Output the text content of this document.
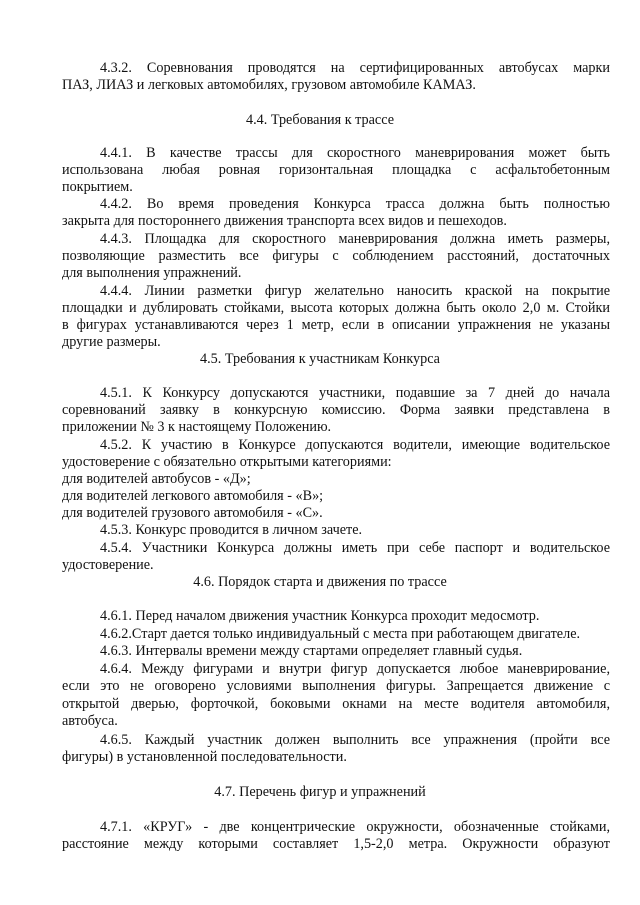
4.3.2. Соревнования проводятся на сертифицированных автобусах марки
ПАЗ, ЛИАЗ и легковых автомобилях, грузовом автомобиле КАМАЗ.
4.4. Требования к трассе
4.4.1. В качестве трассы для скоростного маневрирования может быть
использована любая ровная горизонтальная площадка с асфальтобетонным
покрытием.
4.4.2. Во время проведения Конкурса трасса должна быть полностью
закрыта для постороннего движения транспорта всех видов и пешеходов.
4.4.3. Площадка для скоростного маневрирования должна иметь размеры,
позволяющие разместить все фигуры с соблюдением расстояний, достаточных
для выполнения упражнений.
4.4.4. Линии разметки фигур желательно наносить краской на покрытие
площадки и дублировать стойками, высота которых должна быть около 2,0 м. Стойки
в фигурах устанавливаются через 1 метр, если в описании упражнения не указаны
другие размеры.
4.5. Требования к участникам Конкурса
4.5.1. К Конкурсу допускаются участники, подавшие за 7 дней до начала
соревнований заявку в конкурсную комиссию. Форма заявки представлена в
приложении № 3 к настоящему Положению.
4.5.2. К участию в Конкурсе допускаются водители, имеющие водительское
удостоверение с обязательно открытыми категориями:
для водителей автобусов - «Д»;
для водителей легкового автомобиля - «В»;
для водителей грузового автомобиля - «С».
4.5.3. Конкурс проводится в личном зачете.
4.5.4. Участники Конкурса должны иметь при себе паспорт и водительское
удостоверение.
4.6. Порядок старта и движения по трассе
4.6.1. Перед началом движения участник Конкурса проходит медосмотр.
4.6.2.Старт дается только индивидуальный с места при работающем двигателе.
4.6.3. Интервалы времени между стартами определяет главный судья.
4.6.4. Между фигурами и внутри фигур допускается любое маневрирование,
если это не оговорено условиями выполнения фигуры. Запрещается движение с
открытой дверью, форточкой, боковыми окнами на месте водителя автомобиля,
автобуса.
4.6.5. Каждый участник должен выполнить все упражнения (пройти все
фигуры) в установленной последовательности.
4.7. Перечень фигур и упражнений
4.7.1. «КРУГ» - две концентрические окружности, обозначенные стойками,
расстояние между которыми составляет 1,5-2,0 метра. Окружности образуют
